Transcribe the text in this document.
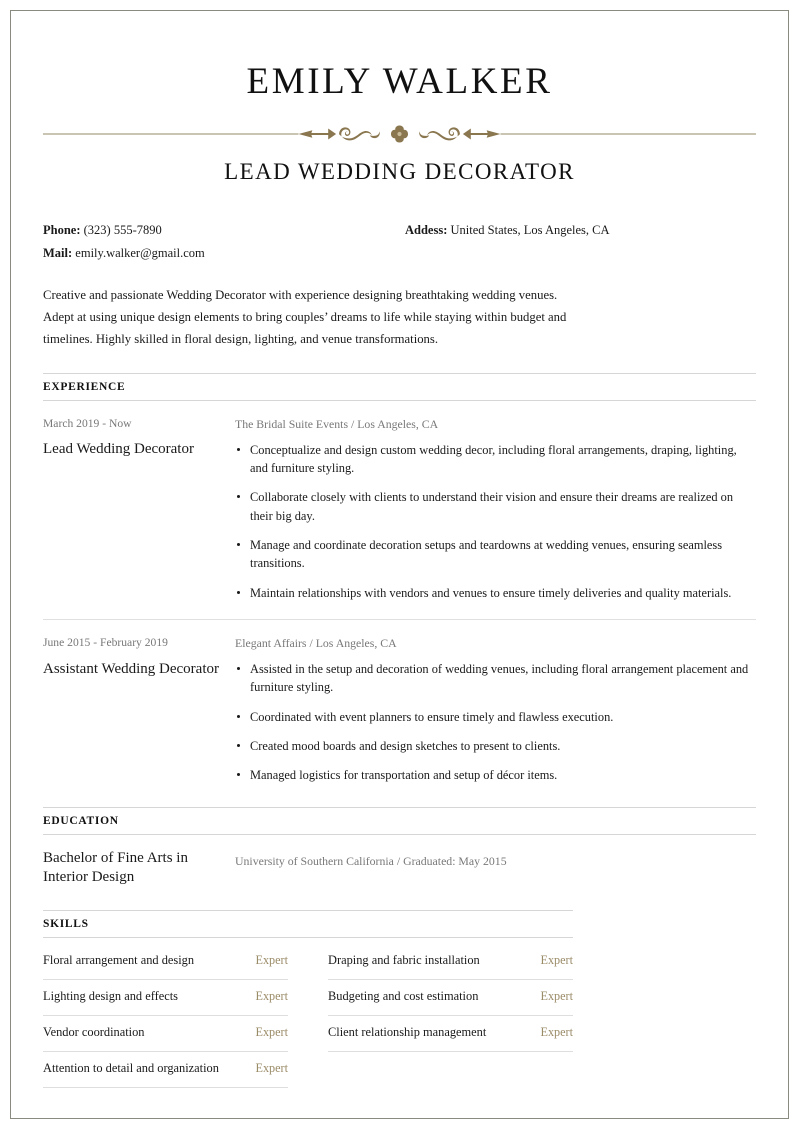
EMILY WALKER
LEAD WEDDING DECORATOR
Phone: (323) 555-7890
Mail: emily.walker@gmail.com
Addess: United States, Los Angeles, CA
Creative and passionate Wedding Decorator with experience designing breathtaking wedding venues. Adept at using unique design elements to bring couples’ dreams to life while staying within budget and timelines. Highly skilled in floral design, lighting, and venue transformations.
EXPERIENCE
March 2019 - Now
Lead Wedding Decorator
The Bridal Suite Events / Los Angeles, CA
Conceptualize and design custom wedding decor, including floral arrangements, draping, lighting, and furniture styling.
Collaborate closely with clients to understand their vision and ensure their dreams are realized on their big day.
Manage and coordinate decoration setups and teardowns at wedding venues, ensuring seamless transitions.
Maintain relationships with vendors and venues to ensure timely deliveries and quality materials.
June 2015 - February 2019
Assistant Wedding Decorator
Elegant Affairs / Los Angeles, CA
Assisted in the setup and decoration of wedding venues, including floral arrangement placement and furniture styling.
Coordinated with event planners to ensure timely and flawless execution.
Created mood boards and design sketches to present to clients.
Managed logistics for transportation and setup of décor items.
EDUCATION
Bachelor of Fine Arts in Interior Design
University of Southern California / Graduated: May 2015
SKILLS
Floral arrangement and design	Expert
Lighting design and effects	Expert
Vendor coordination	Expert
Attention to detail and organization	Expert
Draping and fabric installation	Expert
Budgeting and cost estimation	Expert
Client relationship management	Expert
